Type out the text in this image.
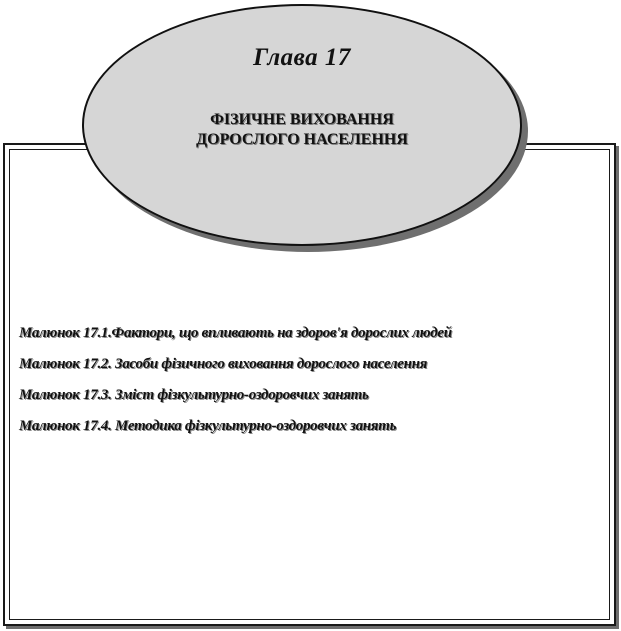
Глава 17
ФІЗИЧНЕ ВИХОВАННЯ
ДОРОСЛОГО НАСЕЛЕННЯ
Малюнок 17.1.Фактори, що впливають на здоров'я дорослих людей
Малюнок 17.2. Засоби фізичного виховання дорослого населення
Малюнок 17.3. Зміст фізкультурно-оздоровчих занять
Малюнок 17.4. Методика фізкультурно-оздоровчих занять
